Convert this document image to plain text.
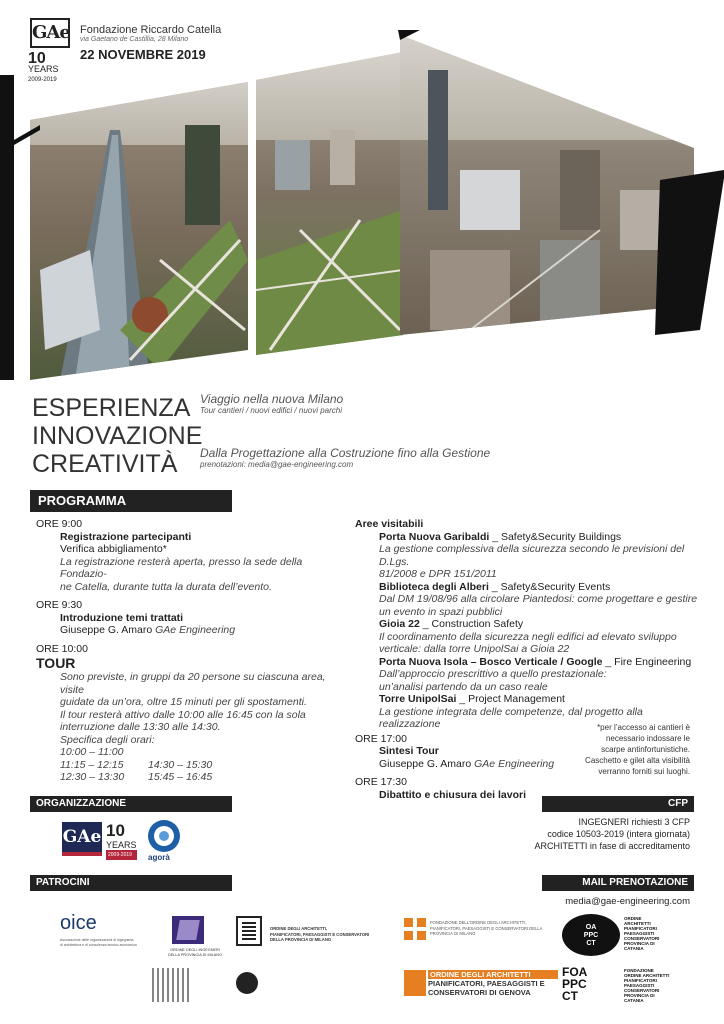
GAe
10 YEARS
2009-2019
Fondazione Riccardo Catella
via Gaetano de Castillia, 28 Milano
22 NOVEMBRE 2019
ESPERIENZA
INNOVAZIONE
CREATIVITÀ
Viaggio nella nuova Milano
Tour cantieri / nuovi edifici / nuovi parchi
Dalla Progettazione alla Costruzione fino alla Gestione
prenotazioni: media@gae-engineering.com
PROGRAMMA
ORE 9:00
Registrazione partecipanti
Verifica abbigliamento*
La registrazione resterà aperta, presso la sede della Fondazio-
ne Catella, durante tutta la durata dell’evento.
ORE 9:30
Introduzione temi trattati
Giuseppe G. Amaro GAe Engineering
ORE 10:00
TOUR
Sono previste, in gruppi da 20 persone su ciascuna area, visite
guidate da un’ora, oltre 15 minuti per gli spostamenti.
Il tour resterà attivo dalle 10:00 alle 16:45 con la sola
interruzione dalle 13:30 alle 14:30.
Specifica degli orari:
10:00 – 11:00
11:15 – 12:15
12:30 – 13:30
14:30 – 15:30
15:45 – 16:45
Aree visitabili
Porta Nuova Garibaldi _ Safety&Security Buildings
La gestione complessiva della sicurezza secondo le previsioni del D.Lgs.
81/2008 e DPR 151/2011
Biblioteca degli Alberi _ Safety&Security Events
Dal DM 19/08/96 alla circolare Piantedosi: come progettare e gestire
un evento in spazi pubblici
Gioia 22 _ Construction Safety
Il coordinamento della sicurezza negli edifici ad elevato sviluppo
verticale: dalla torre UnipolSai a Gioia 22
Porta Nuova Isola – Bosco Verticale / Google _ Fire Engineering
Dall’approccio prescrittivo a quello prestazionale:
un’analisi partendo da un caso reale
Torre UnipolSai _ Project Management
La gestione integrata delle competenze, dal progetto alla realizzazione
ORE 17:00
Sintesi Tour
Giuseppe G. Amaro GAe Engineering
ORE 17:30
Dibattito e chiusura dei lavori
*per l’accesso ai cantieri è
necessario indossare le
scarpe antinfortunistiche.
Caschetto e gilet alta visibilità
verranno forniti sui luoghi.
ORGANIZZAZIONE
GAe 10
YEARS
2009-2019	agorà
CFP
INGEGNERI richiesti 3 CFP
codice 10503-2019 (intera giornata)
ARCHITETTI in fase di accreditamento
PATROCINI	MAIL PRENOTAZIONE
media@gae-engineering.com
oice
Associazione delle organizzazioni di ingegneria,
di architettura e di consulenza tecnico-economica
ORDINE DEGLI INGEGNERI
DELLA PROVINCIA DI MILANO
ORDINE DEGLI ARCHITETTI,
PIANIFICATORI, PAESAGGISTI E CONSERVATORI
DELLA PROVINCIA DI MILANO
FONDAZIONE DELL’ORDINE DEGLI ARCHITETTI, PIANIFICATORI, PAESAGGISTI E CONSERVATORI DELLA PROVINCIA DI MILANO
ORDINE DEGLI ARCHITETTI
PIANIFICATORI, PAESAGGISTI E
CONSERVATORI DI GENOVA
OA
PPC
CT
ORDINE
ARCHITETTI
PIANIFICATORI
PAESAGGISTI
CONSERVATORI
PROVINCIA DI
CATANIA
FOA
PPC
CT
FONDAZIONE
ORDINE ARCHITETTI
PIANIFICATORI
PAESAGGISTI
CONSERVATORI
PROVINCIA DI
CATANIA
